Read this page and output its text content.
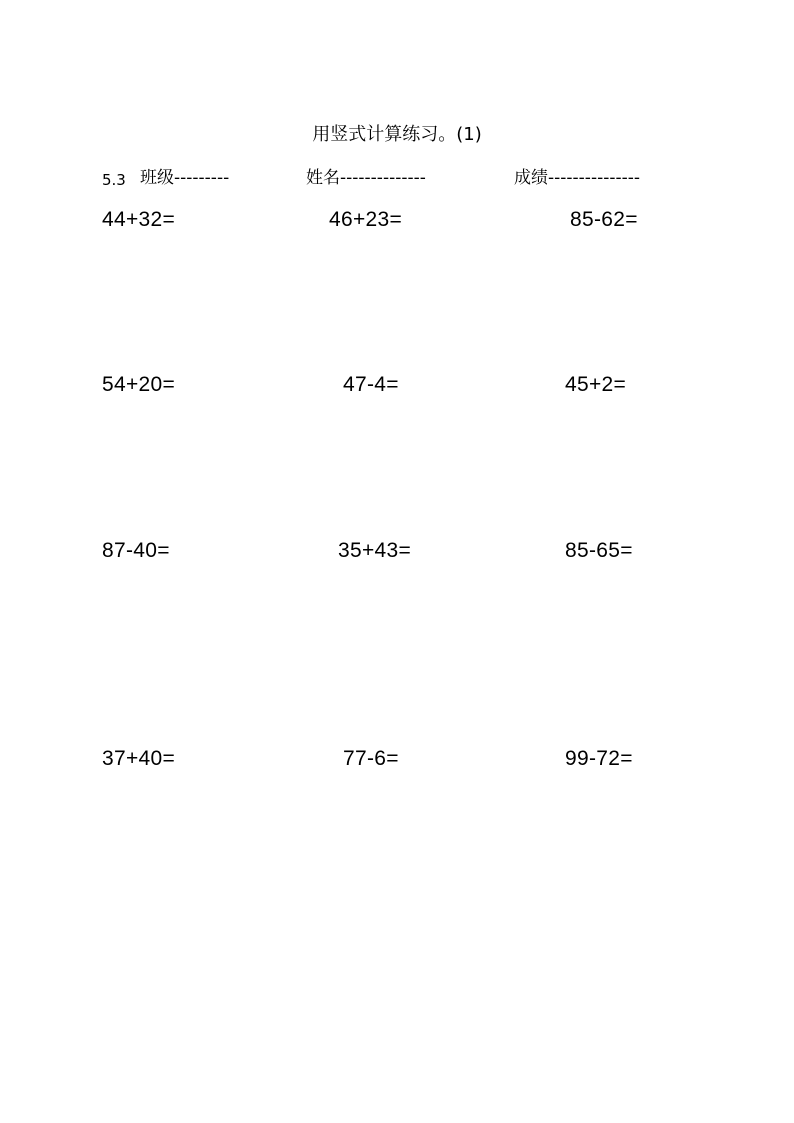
用竖式计算练习。(1)
5.3 班级---------	姓名--------------	成绩---------------
44+32=	46+23=	85-62=
54+20=	47-4=	45+2=
87-40=	35+43=	85-65=
37+40=	77-6=	99-72=
